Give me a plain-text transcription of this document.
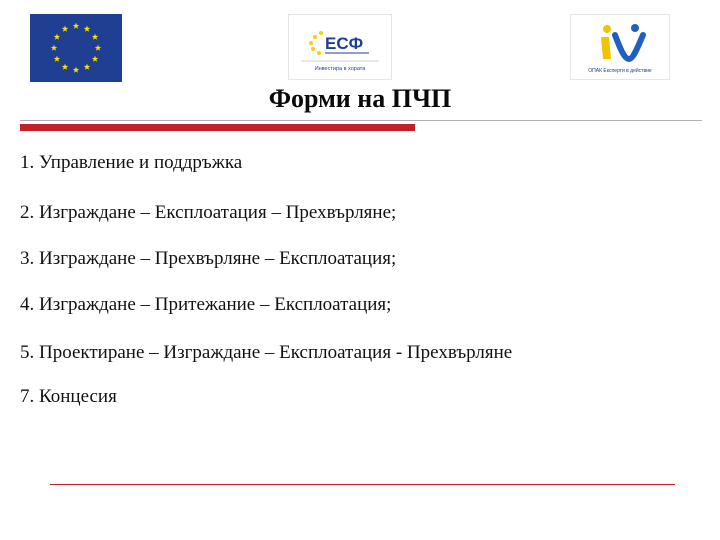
ЕСФ
Инвестира в хората	ОПАК Експерти в действие
Форми на ПЧП
1. Управление и поддръжка
2. Изграждане – Експлоатация – Прехвърляне;
3. Изграждане – Прехвърляне – Експлоатация;
4. Изграждане – Притежание – Експлоатация;
5. Проектиране – Изграждане – Експлоатация - Прехвърляне
7. Концесия
